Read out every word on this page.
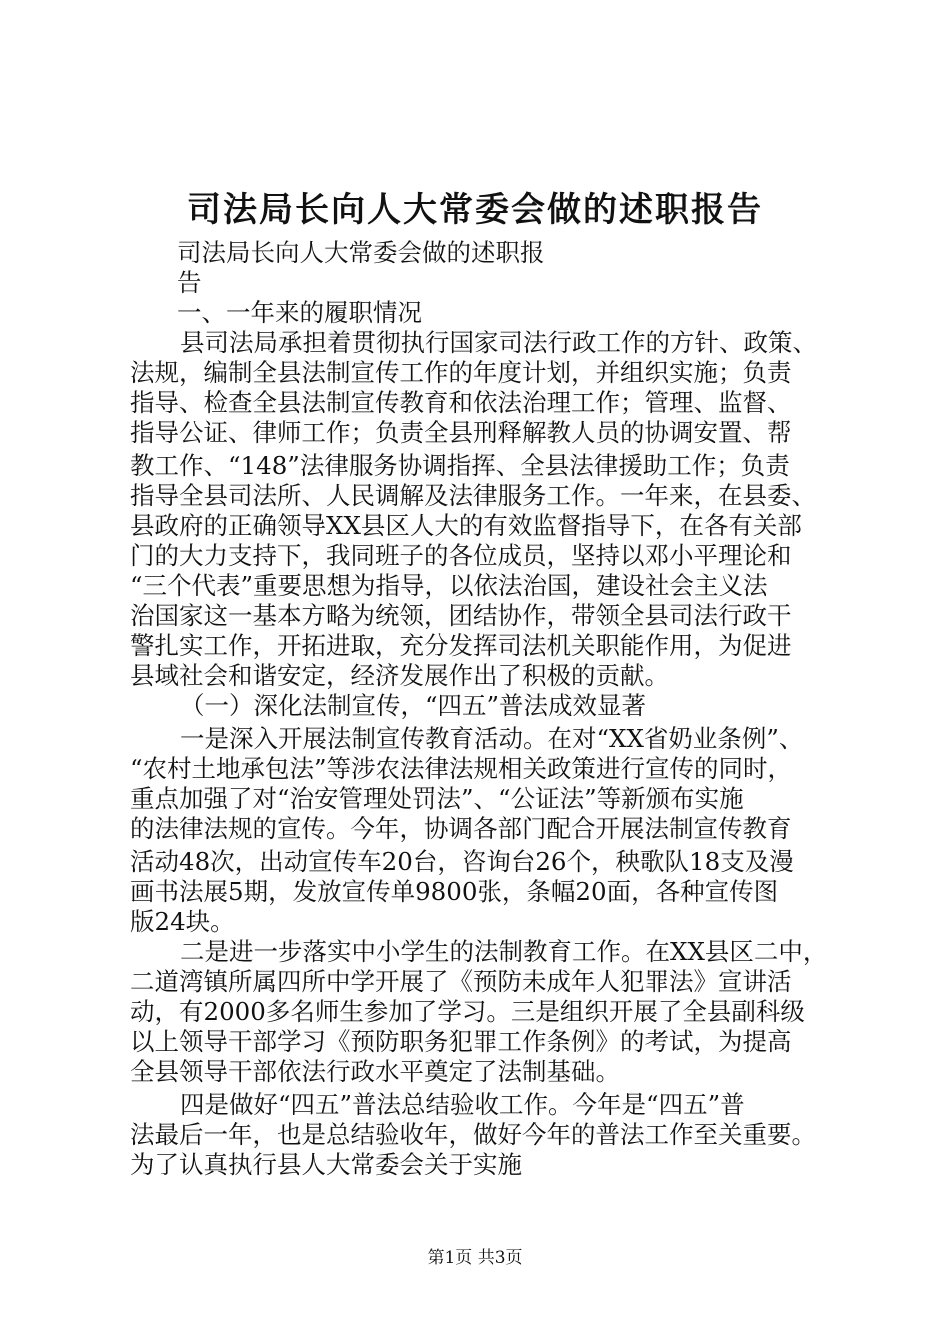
司法局长向人大常委会做的述职报告
司法局长向人大常委会做的述职报
告
一、一年来的履职情况
县司法局承担着贯彻执行国家司法行政工作的方针、政策、
法规，编制全县法制宣传工作的年度计划，并组织实施；负责
指导、检查全县法制宣传教育和依法治理工作；管理、监督、
指导公证、律师工作；负责全县刑释解教人员的协调安置、帮
教工作、“148”法律服务协调指挥、全县法律援助工作；负责
指导全县司法所、人民调解及法律服务工作。一年来，在县委、
县政府的正确领导XX县区人大的有效监督指导下，在各有关部
门的大力支持下，我同班子的各位成员，坚持以邓小平理论和
“三个代表”重要思想为指导，以依法治国，建设社会主义法
治国家这一基本方略为统领，团结协作，带领全县司法行政干
警扎实工作，开拓进取，充分发挥司法机关职能作用，为促进
县域社会和谐安定，经济发展作出了积极的贡献。
（一）深化法制宣传，“四五”普法成效显著
一是深入开展法制宣传教育活动。在对“XX省奶业条例”、
“农村土地承包法”等涉农法律法规相关政策进行宣传的同时，
重点加强了对“治安管理处罚法”、“公证法”等新颁布实施
的法律法规的宣传。今年，协调各部门配合开展法制宣传教育
活动48次，出动宣传车20台，咨询台26个，秧歌队18支及漫
画书法展5期，发放宣传单9800张，条幅20面，各种宣传图
版24块。
二是进一步落实中小学生的法制教育工作。在XX县区二中，
二道湾镇所属四所中学开展了《预防未成年人犯罪法》宣讲活
动，有2000多名师生参加了学习。三是组织开展了全县副科级
以上领导干部学习《预防职务犯罪工作条例》的考试，为提高
全县领导干部依法行政水平奠定了法制基础。
四是做好“四五”普法总结验收工作。今年是“四五”普
法最后一年，也是总结验收年，做好今年的普法工作至关重要。
为了认真执行县人大常委会关于实施
第1页 共3页
